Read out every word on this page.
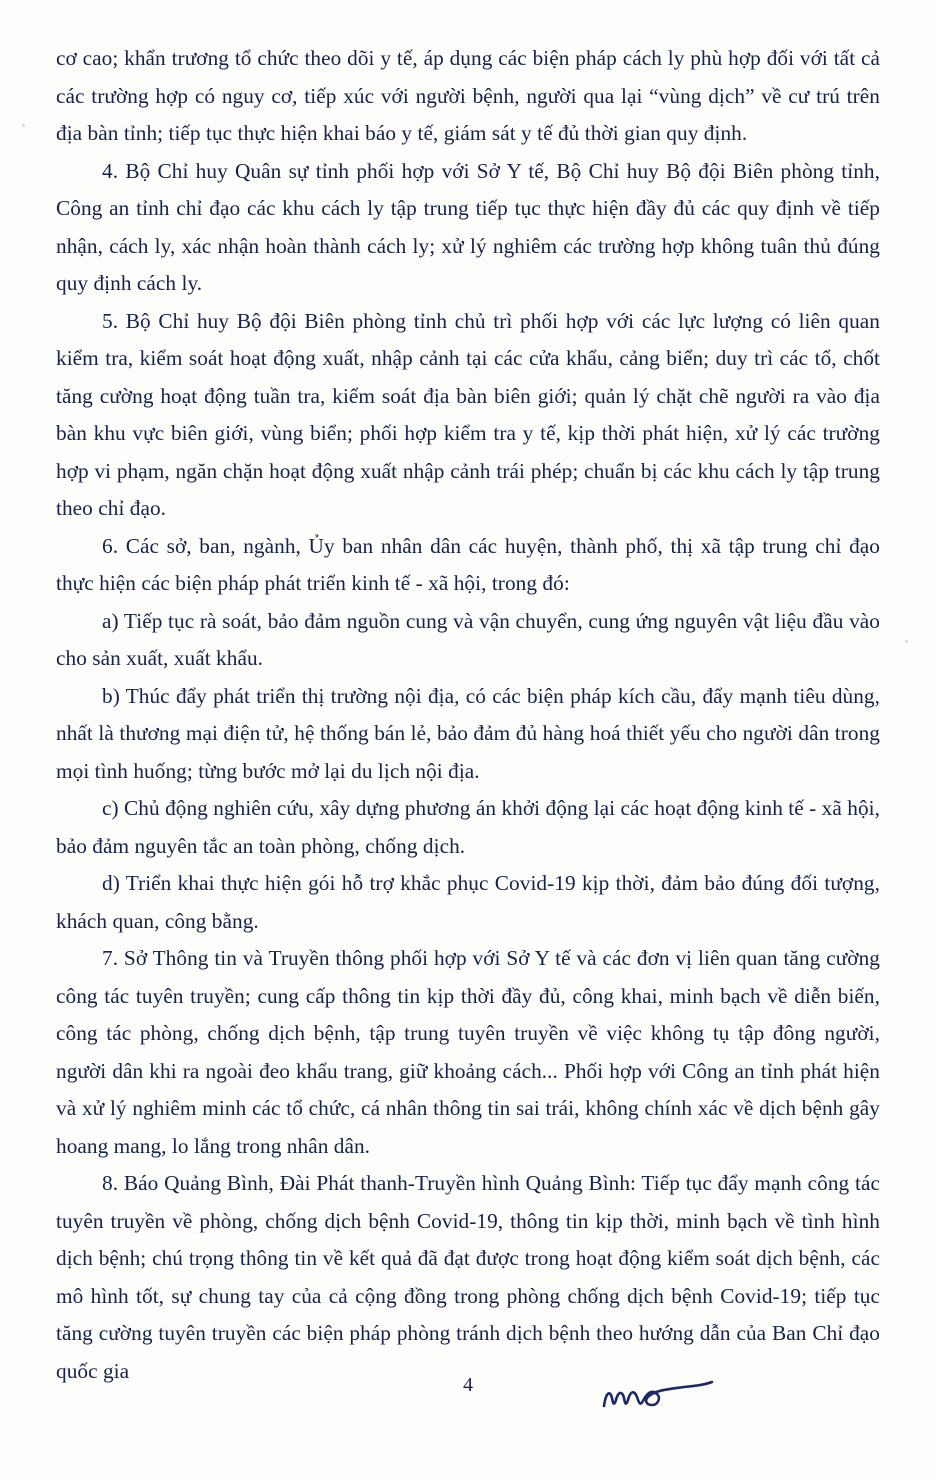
cơ cao; khẩn trương tổ chức theo dõi y tế, áp dụng các biện pháp cách ly phù hợp đối với tất cả các trường hợp có nguy cơ, tiếp xúc với người bệnh, người qua lại “vùng dịch” về cư trú trên địa bàn tỉnh; tiếp tục thực hiện khai báo y tế, giám sát y tế đủ thời gian quy định.

4. Bộ Chỉ huy Quân sự tỉnh phối hợp với Sở Y tế, Bộ Chỉ huy Bộ đội Biên phòng tỉnh, Công an tỉnh chỉ đạo các khu cách ly tập trung tiếp tục thực hiện đầy đủ các quy định về tiếp nhận, cách ly, xác nhận hoàn thành cách ly; xử lý nghiêm các trường hợp không tuân thủ đúng quy định cách ly.

5. Bộ Chỉ huy Bộ đội Biên phòng tỉnh chủ trì phối hợp với các lực lượng có liên quan kiểm tra, kiểm soát hoạt động xuất, nhập cảnh tại các cửa khẩu, cảng biển; duy trì các tổ, chốt tăng cường hoạt động tuần tra, kiểm soát địa bàn biên giới; quản lý chặt chẽ người ra vào địa bàn khu vực biên giới, vùng biển; phối hợp kiểm tra y tế, kịp thời phát hiện, xử lý các trường hợp vi phạm, ngăn chặn hoạt động xuất nhập cảnh trái phép; chuẩn bị các khu cách ly tập trung theo chỉ đạo.

6. Các sở, ban, ngành, Ủy ban nhân dân các huyện, thành phố, thị xã tập trung chỉ đạo thực hiện các biện pháp phát triển kinh tế - xã hội, trong đó:

a) Tiếp tục rà soát, bảo đảm nguồn cung và vận chuyển, cung ứng nguyên vật liệu đầu vào cho sản xuất, xuất khẩu.

b) Thúc đẩy phát triển thị trường nội địa, có các biện pháp kích cầu, đẩy mạnh tiêu dùng, nhất là thương mại điện tử, hệ thống bán lẻ, bảo đảm đủ hàng hoá thiết yếu cho người dân trong mọi tình huống; từng bước mở lại du lịch nội địa.

c) Chủ động nghiên cứu, xây dựng phương án khởi động lại các hoạt động kinh tế - xã hội, bảo đảm nguyên tắc an toàn phòng, chống dịch.

d) Triển khai thực hiện gói hỗ trợ khắc phục Covid-19 kịp thời, đảm bảo đúng đối tượng, khách quan, công bằng.

7. Sở Thông tin và Truyền thông phối hợp với Sở Y tế và các đơn vị liên quan tăng cường công tác tuyên truyền; cung cấp thông tin kịp thời đầy đủ, công khai, minh bạch về diễn biến, công tác phòng, chống dịch bệnh, tập trung tuyên truyền về việc không tụ tập đông người, người dân khi ra ngoài đeo khẩu trang, giữ khoảng cách... Phối hợp với Công an tỉnh phát hiện và xử lý nghiêm minh các tổ chức, cá nhân thông tin sai trái, không chính xác về dịch bệnh gây hoang mang, lo lắng trong nhân dân.

8. Báo Quảng Bình, Đài Phát thanh-Truyền hình Quảng Bình: Tiếp tục đẩy mạnh công tác tuyên truyền về phòng, chống dịch bệnh Covid-19, thông tin kịp thời, minh bạch về tình hình dịch bệnh; chú trọng thông tin về kết quả đã đạt được trong hoạt động kiểm soát dịch bệnh, các mô hình tốt, sự chung tay của cả cộng đồng trong phòng chống dịch bệnh Covid-19; tiếp tục tăng cường tuyên truyền các biện pháp phòng tránh dịch bệnh theo hướng dẫn của Ban Chỉ đạo quốc gia

4
